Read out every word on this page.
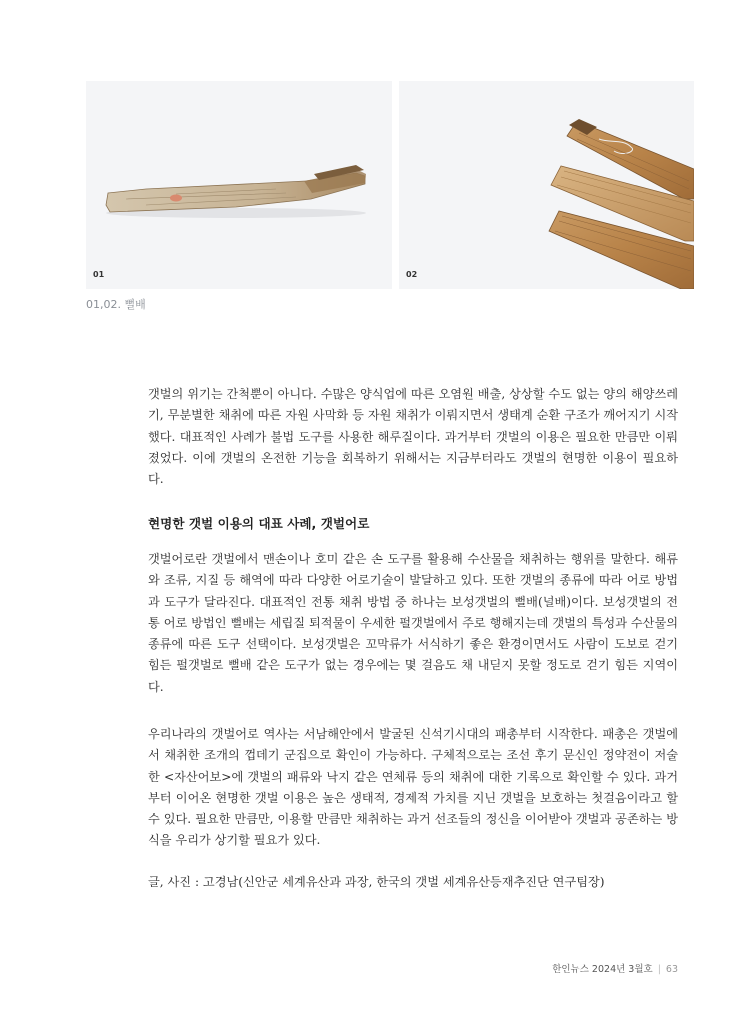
01	02
01,02. 뻘배

갯벌의 위기는 간척뿐이 아니다. 수많은 양식업에 따른 오염원 배출, 상상할 수도 없는 양의 해양쓰레기, 무분별한 채취에 따른 자원 사막화 등 자원 채취가 이뤄지면서 생태계 순환 구조가 깨어지기 시작했다. 대표적인 사례가 불법 도구를 사용한 해루질이다. 과거부터 갯벌의 이용은 필요한 만큼만 이뤄졌었다. 이에 갯벌의 온전한 기능을 회복하기 위해서는 지금부터라도 갯벌의 현명한 이용이 필요하다.

현명한 갯벌 이용의 대표 사례, 갯벌어로

갯벌어로란 갯벌에서 맨손이나 호미 같은 손 도구를 활용해 수산물을 채취하는 행위를 말한다. 해류와 조류, 지질 등 해역에 따라 다양한 어로기술이 발달하고 있다. 또한 갯벌의 종류에 따라 어로 방법과 도구가 달라진다. 대표적인 전통 채취 방법 중 하나는 보성갯벌의 뻘배(널배)이다. 보성갯벌의 전통 어로 방법인 뻘배는 세립질 퇴적물이 우세한 펄갯벌에서 주로 행해지는데 갯벌의 특성과 수산물의 종류에 따른 도구 선택이다. 보성갯벌은 꼬막류가 서식하기 좋은 환경이면서도 사람이 도보로 걷기 힘든 펄갯벌로 뻘배 같은 도구가 없는 경우에는 몇 걸음도 채 내딛지 못할 정도로 걷기 힘든 지역이다.

우리나라의 갯벌어로 역사는 서남해안에서 발굴된 신석기시대의 패총부터 시작한다. 패총은 갯벌에서 채취한 조개의 껍데기 군집으로 확인이 가능하다. 구체적으로는 조선 후기 문신인 정약전이 저술한 <자산어보>에 갯벌의 패류와 낙지 같은 연체류 등의 채취에 대한 기록으로 확인할 수 있다. 과거부터 이어온 현명한 갯벌 이용은 높은 생태적, 경제적 가치를 지닌 갯벌을 보호하는 첫걸음이라고 할 수 있다. 필요한 만큼만, 이용할 만큼만 채취하는 과거 선조들의 정신을 이어받아 갯벌과 공존하는 방식을 우리가 상기할 필요가 있다.

글, 사진 : 고경남(신안군 세계유산과 과장, 한국의 갯벌 세계유산등재추진단 연구팀장)

한인뉴스 2024년 3월호 | 63
